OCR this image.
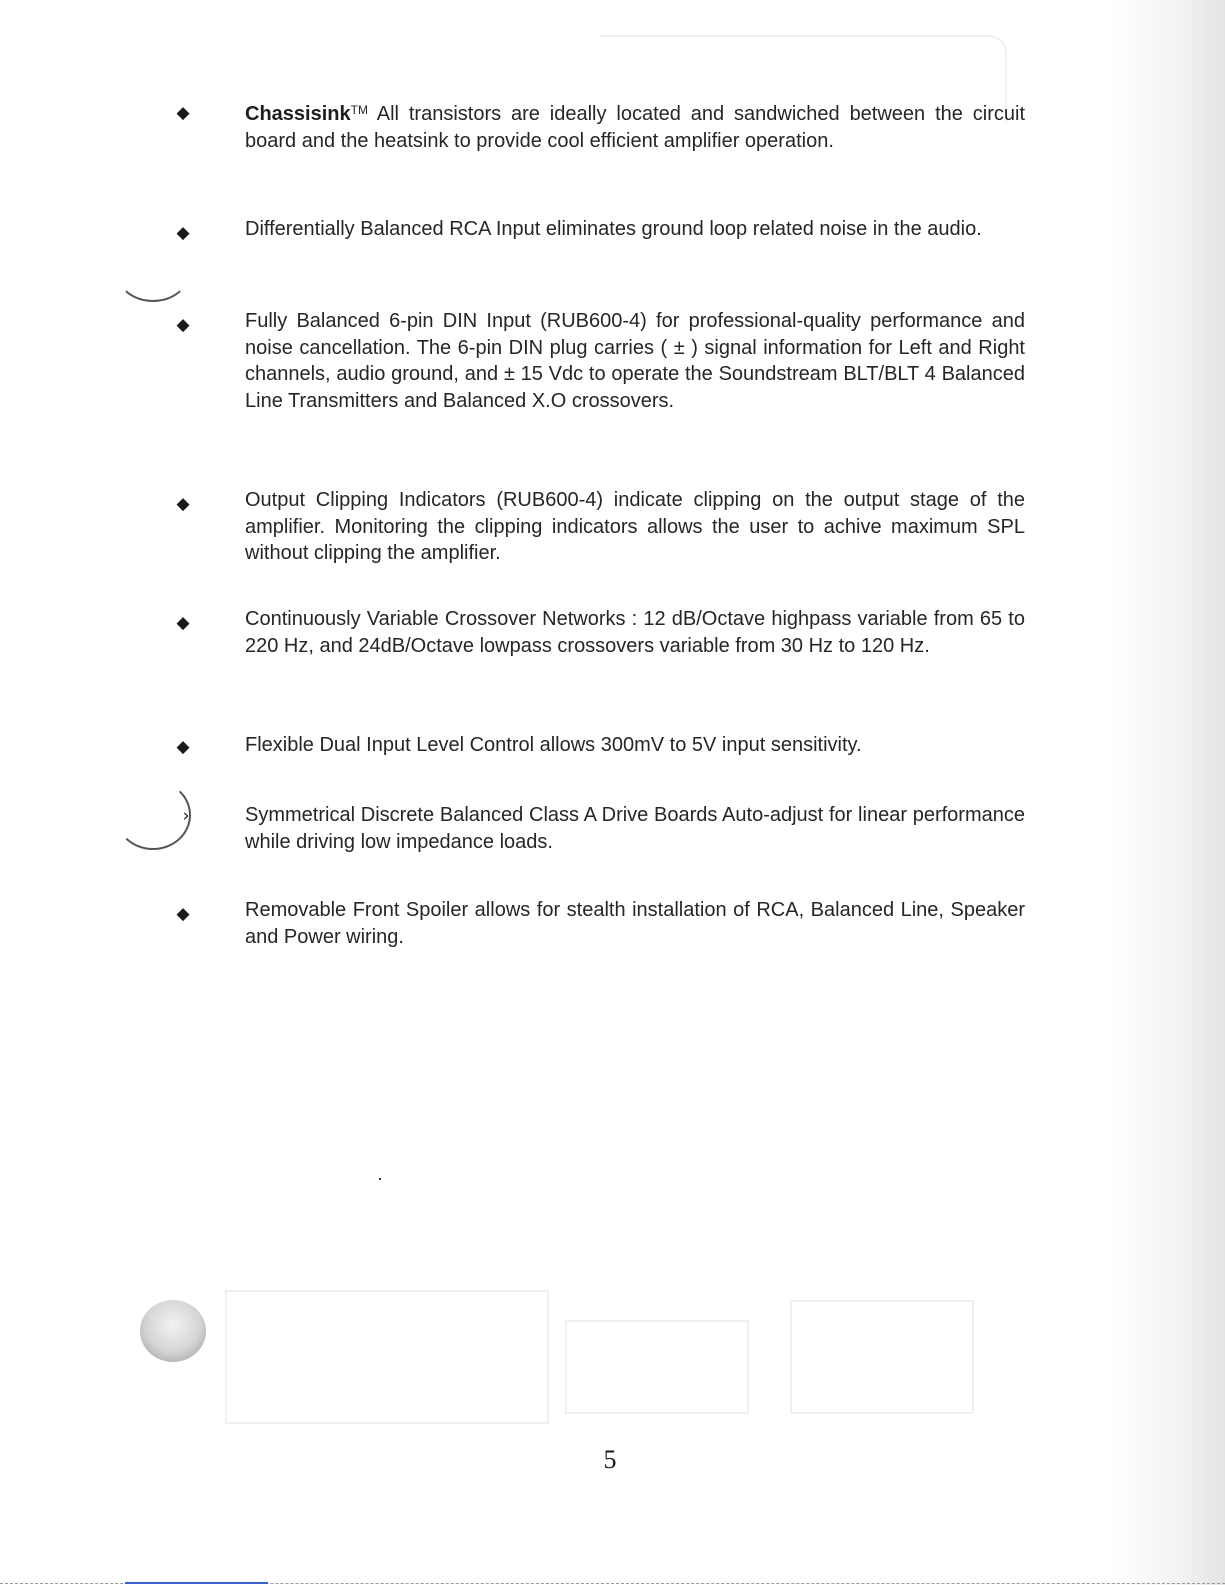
◆	Chassisink™ All transistors are ideally located and sandwiched between the circuit board and the heatsink to provide cool efficient amplifier operation.
◆	Differentially Balanced RCA Input eliminates ground loop related noise in the audio.
◆	Fully Balanced 6-pin DIN Input (RUB600-4) for professional-quality performance and noise cancellation. The 6-pin DIN plug carries ( ± ) signal information for Left and Right channels, audio ground, and ± 15 Vdc to operate the Soundstream BLT/BLT 4 Balanced Line Transmitters and Balanced X.O crossovers.
◆	Output Clipping Indicators (RUB600-4) indicate clipping on the output stage of the amplifier. Monitoring the clipping indicators allows the user to achive maximum SPL without clipping the amplifier.
◆	Continuously Variable Crossover Networks : 12 dB/Octave highpass variable from 65 to 220 Hz, and 24dB/Octave lowpass crossovers variable from 30 Hz to 120 Hz.
◆	Flexible Dual Input Level Control allows 300mV to 5V input sensitivity.
›	Symmetrical Discrete Balanced Class A Drive Boards Auto-adjust for linear performance while driving low impedance loads.
◆	Removable Front Spoiler allows for stealth installation of RCA, Balanced Line, Speaker and Power wiring.
5
